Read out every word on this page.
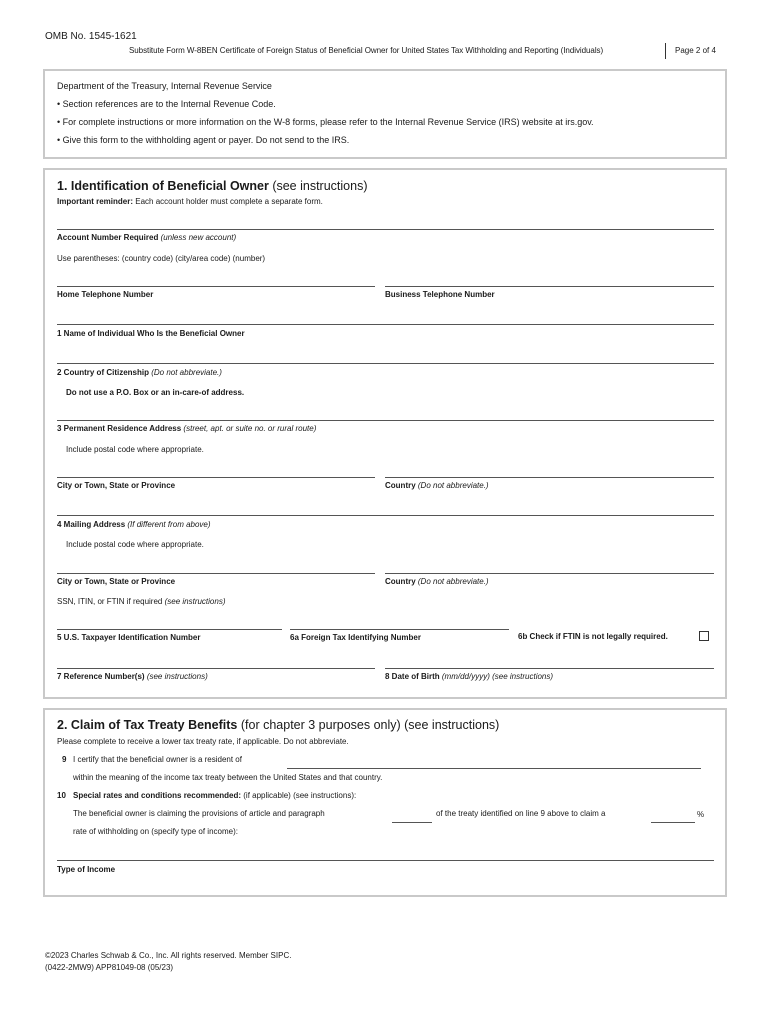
OMB No. 1545-1621
Substitute Form W-8BEN Certificate of Foreign Status of Beneficial Owner for United States Tax Withholding and Reporting (Individuals)	Page 2 of 4
Department of the Treasury, Internal Revenue Service
• Section references are to the Internal Revenue Code.
• For complete instructions or more information on the W-8 forms, please refer to the Internal Revenue Service (IRS) website at irs.gov.
• Give this form to the withholding agent or payer. Do not send to the IRS.
1. Identification of Beneficial Owner (see instructions)
Important reminder: Each account holder must complete a separate form.
Account Number Required (unless new account)
Use parentheses: (country code) (city/area code) (number)
Home Telephone Number	Business Telephone Number
1 Name of Individual Who Is the Beneficial Owner
2 Country of Citizenship (Do not abbreviate.)
Do not use a P.O. Box or an in-care-of address.
3 Permanent Residence Address (street, apt. or suite no. or rural route)
Include postal code where appropriate.
City or Town, State or Province	Country (Do not abbreviate.)
4 Mailing Address (If different from above)
Include postal code where appropriate.
City or Town, State or Province	Country (Do not abbreviate.)
SSN, ITIN, or FTIN if required (see instructions)
5 U.S. Taxpayer Identification Number	6a Foreign Tax Identifying Number	6b Check if FTIN is not legally required.
7 Reference Number(s) (see instructions)	8 Date of Birth (mm/dd/yyyy) (see instructions)
2. Claim of Tax Treaty Benefits (for chapter 3 purposes only) (see instructions)
Please complete to receive a lower tax treaty rate, if applicable. Do not abbreviate.
9 I certify that the beneficial owner is a resident of
within the meaning of the income tax treaty between the United States and that country.
10 Special rates and conditions recommended: (if applicable) (see instructions):
The beneficial owner is claiming the provisions of article and paragraph	of the treaty identified on line 9 above to claim a	%
rate of withholding on (specify type of income):
Type of Income
©2023 Charles Schwab & Co., Inc. All rights reserved. Member SIPC.
(0422-2MW9) APP81049-08 (05/23)
